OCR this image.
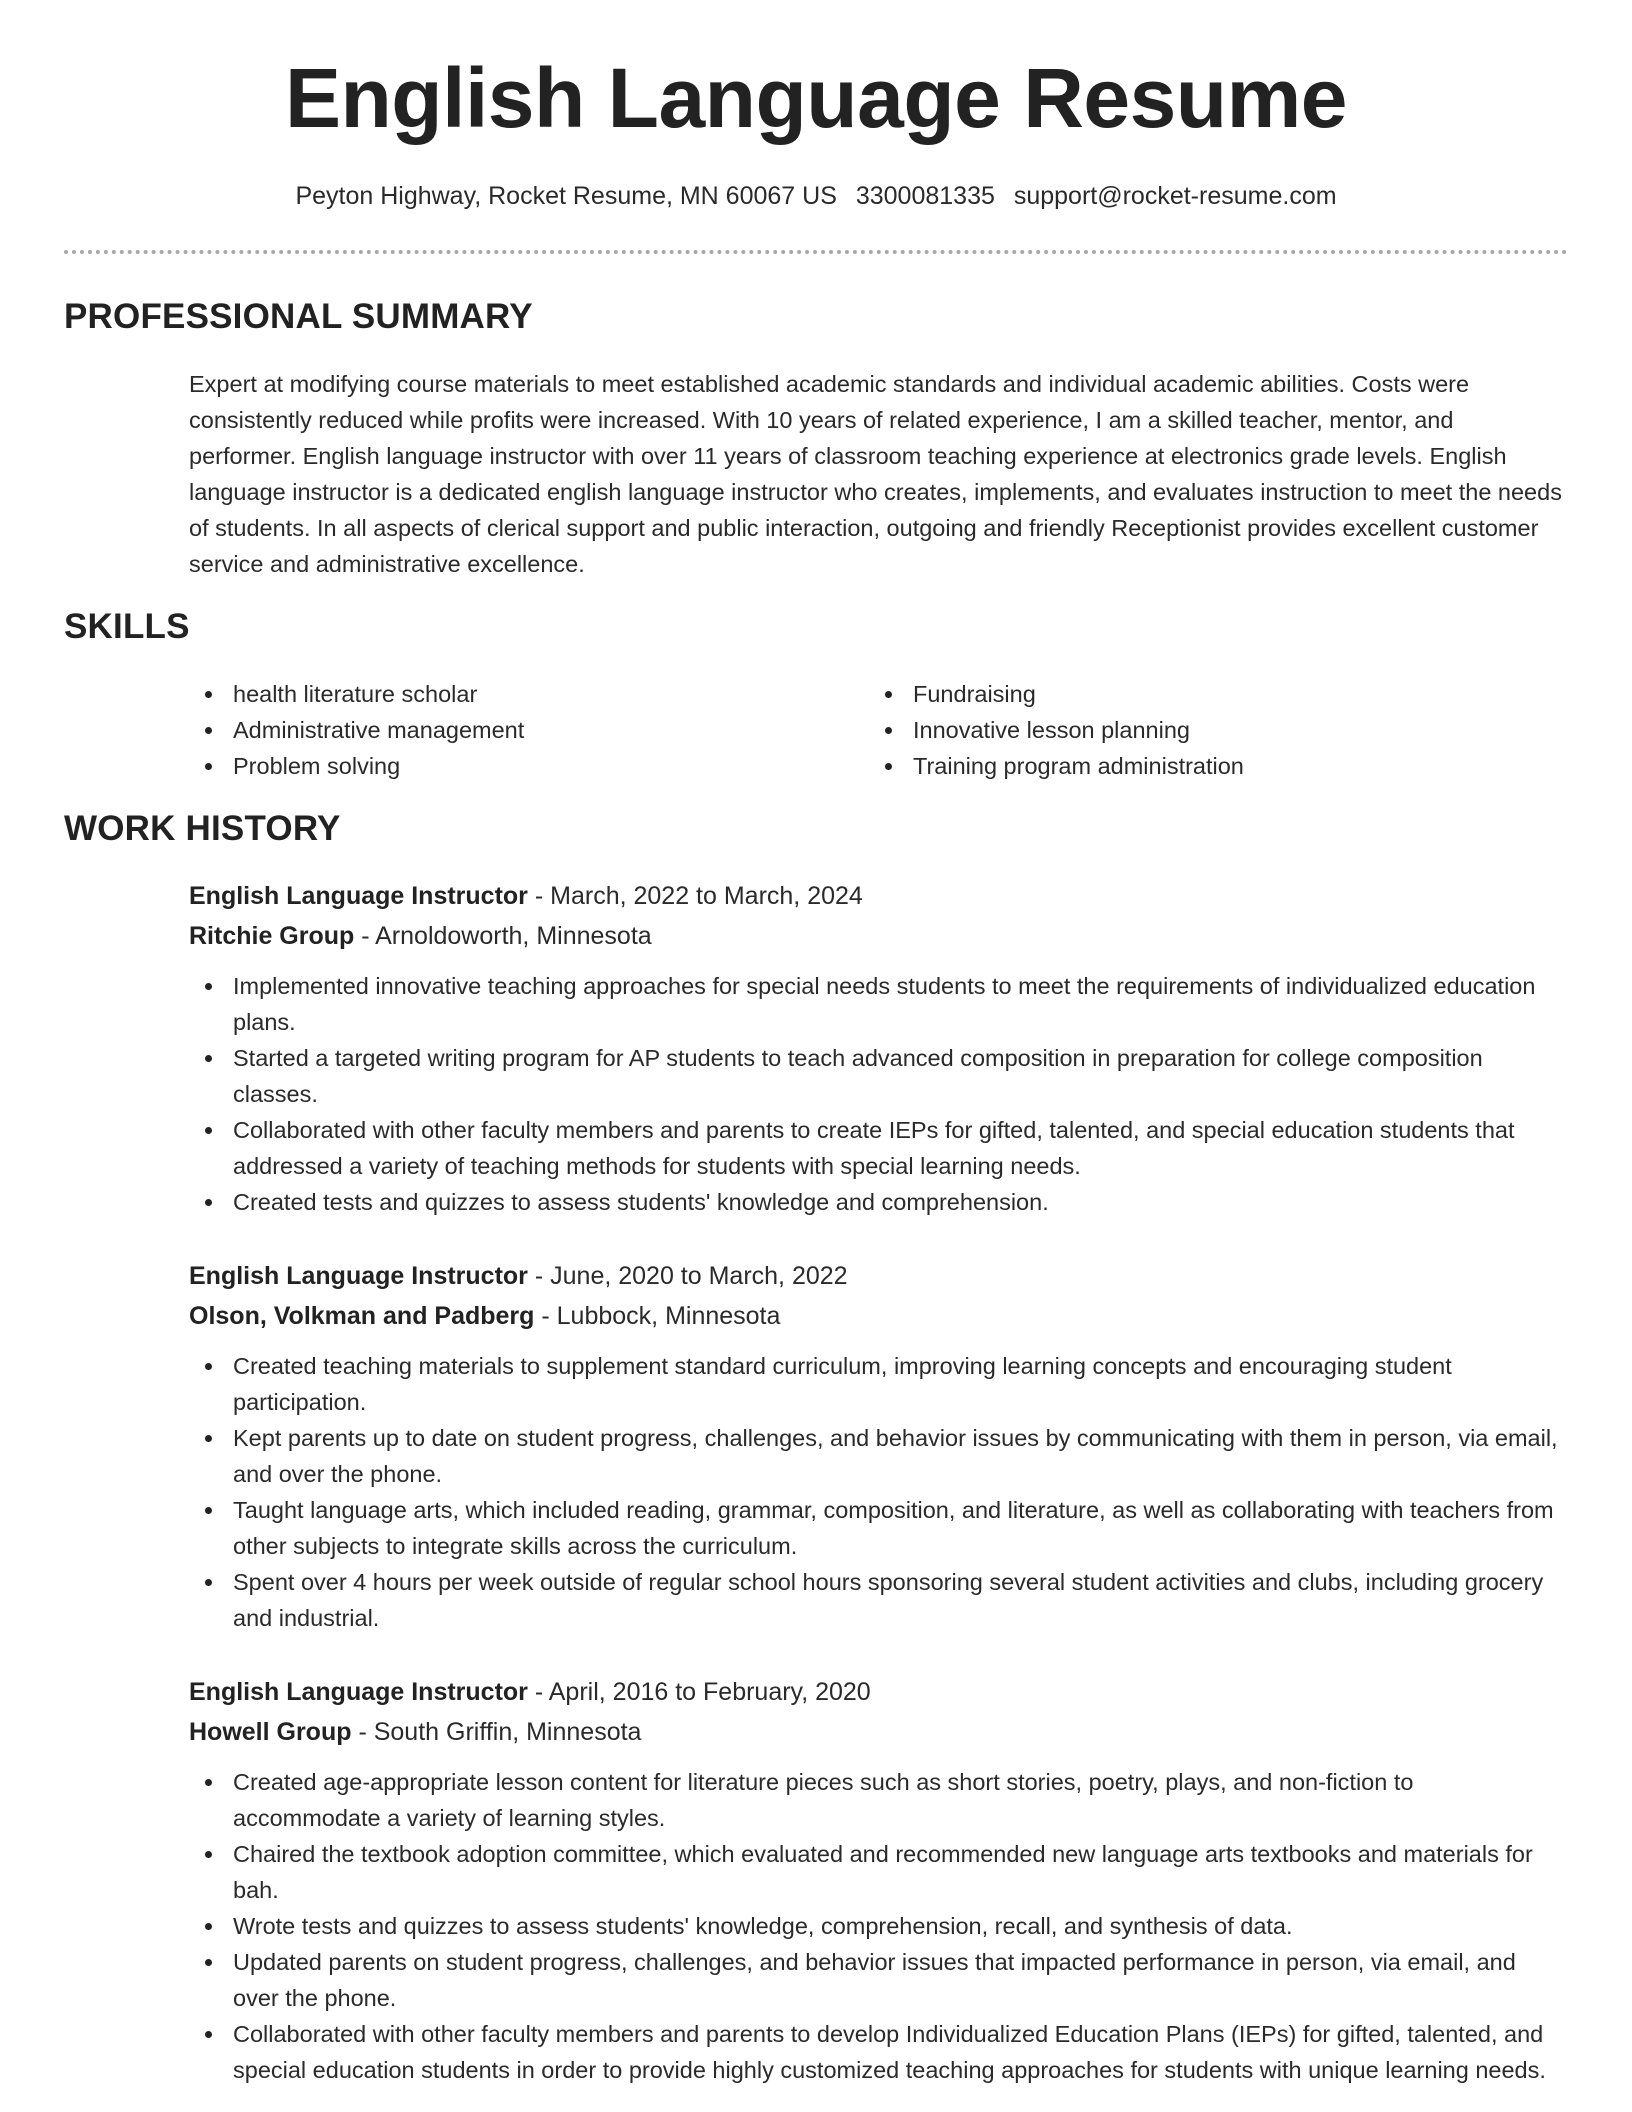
English Language Resume
Peyton Highway, Rocket Resume, MN 60067 US 3300081335 support@rocket-resume.com
PROFESSIONAL SUMMARY

Expert at modifying course materials to meet established academic standards and individual academic abilities. Costs were consistently reduced while profits were increased. With 10 years of related experience, I am a skilled teacher, mentor, and performer. English language instructor with over 11 years of classroom teaching experience at electronics grade levels. English language instructor is a dedicated english language instructor who creates, implements, and evaluates instruction to meet the needs of students. In all aspects of clerical support and public interaction, outgoing and friendly Receptionist provides excellent customer service and administrative excellence.

SKILLS
health literature scholar
Administrative management
Problem solving
Fundraising
Innovative lesson planning
Training program administration
WORK HISTORY
English Language Instructor - March, 2022 to March, 2024
Ritchie Group - Arnoldoworth, Minnesota
Implemented innovative teaching approaches for special needs students to meet the requirements of individualized education plans.
Started a targeted writing program for AP students to teach advanced composition in preparation for college composition classes.
Collaborated with other faculty members and parents to create IEPs for gifted, talented, and special education students that addressed a variety of teaching methods for students with special learning needs.
Created tests and quizzes to assess students' knowledge and comprehension.
English Language Instructor - June, 2020 to March, 2022
Olson, Volkman and Padberg - Lubbock, Minnesota
Created teaching materials to supplement standard curriculum, improving learning concepts and encouraging student participation.
Kept parents up to date on student progress, challenges, and behavior issues by communicating with them in person, via email, and over the phone.
Taught language arts, which included reading, grammar, composition, and literature, as well as collaborating with teachers from other subjects to integrate skills across the curriculum.
Spent over 4 hours per week outside of regular school hours sponsoring several student activities and clubs, including grocery and industrial.
English Language Instructor - April, 2016 to February, 2020
Howell Group - South Griffin, Minnesota
Created age-appropriate lesson content for literature pieces such as short stories, poetry, plays, and non-fiction to accommodate a variety of learning styles.
Chaired the textbook adoption committee, which evaluated and recommended new language arts textbooks and materials for bah.
Wrote tests and quizzes to assess students' knowledge, comprehension, recall, and synthesis of data.
Updated parents on student progress, challenges, and behavior issues that impacted performance in person, via email, and over the phone.
Collaborated with other faculty members and parents to develop Individualized Education Plans (IEPs) for gifted, talented, and special education students in order to provide highly customized teaching approaches for students with unique learning needs.
